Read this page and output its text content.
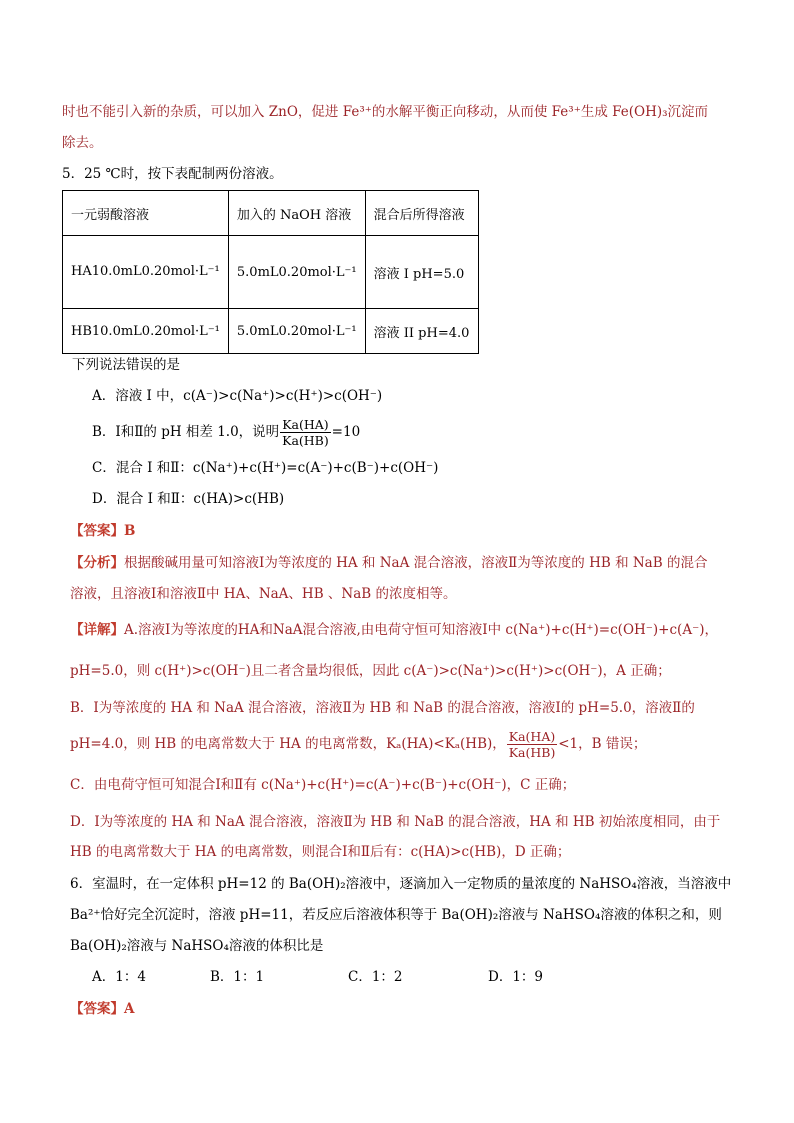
时也不能引入新的杂质，可以加入 ZnO，促进 Fe³⁺的水解平衡正向移动，从而使 Fe³⁺生成 Fe(OH)₃沉淀而
除去。
5．25 ℃时，按下表配制两份溶液。
一元弱酸溶液	加入的 NaOH 溶液	混合后所得溶液
HA10.0mL0.20mol·L⁻¹	5.0mL0.20mol·L⁻¹	溶液 I pH=5.0
HB10.0mL0.20mol·L⁻¹	5.0mL0.20mol·L⁻¹	溶液 II pH=4.0
下列说法错误的是
A．溶液 I 中，c(A⁻)>c(Na⁺)>c(H⁺)>c(OH⁻)
B．Ⅰ和Ⅱ的 pH 相差 1.0，说明 $\frac{Ka(HA)}{Ka(HB)} =10$
C．混合 I 和Ⅱ：c(Na⁺)+c(H⁺)=c(A⁻)+c(B⁻)+c(OH⁻)
D．混合 I 和Ⅱ：c(HA)>c(HB)
【答案】B
【分析】根据酸碱用量可知溶液Ⅰ为等浓度的 HA 和 NaA 混合溶液，溶液Ⅱ为等浓度的 HB 和 NaB 的混合
溶液，且溶液Ⅰ和溶液Ⅱ中 HA、NaA、HB 、NaB 的浓度相等。
【详解】A.溶液Ⅰ为等浓度的HA和NaA混合溶液,由电荷守恒可知溶液Ⅰ中 c(Na⁺)+c(H⁺)=c(OH⁻)+c(A⁻)，
pH=5.0，则 c(H⁺)>c(OH⁻)且二者含量均很低，因此 c(A⁻)>c(Na⁺)>c(H⁺)>c(OH⁻)，A 正确；
B．Ⅰ为等浓度的 HA 和 NaA 混合溶液，溶液Ⅱ为 HB 和 NaB 的混合溶液，溶液Ⅰ的 pH=5.0，溶液Ⅱ的
pH=4.0，则 HB 的电离常数大于 HA 的电离常数，Kₐ(HA)<Kₐ(HB)， $\frac{Ka(HA)}{Ka(HB)} <1$，B 错误；
C．由电荷守恒可知混合Ⅰ和Ⅱ有 c(Na⁺)+c(H⁺)=c(A⁻)+c(B⁻)+c(OH⁻)，C 正确；
D．Ⅰ为等浓度的 HA 和 NaA 混合溶液，溶液Ⅱ为 HB 和 NaB 的混合溶液，HA 和 HB 初始浓度相同，由于
HB 的电离常数大于 HA 的电离常数，则混合Ⅰ和Ⅱ后有：c(HA)>c(HB)，D 正确；
6．室温时，在一定体积 pH=12 的 Ba(OH)₂溶液中，逐滴加入一定物质的量浓度的 NaHSO₄溶液，当溶液中
Ba²⁺恰好完全沉淀时，溶液 pH=11，若反应后溶液体积等于 Ba(OH)₂溶液与 NaHSO₄溶液的体积之和，则
Ba(OH)₂溶液与 NaHSO₄溶液的体积比是
A．1：4	B．1：1	C．1：2	D．1：9
【答案】A
